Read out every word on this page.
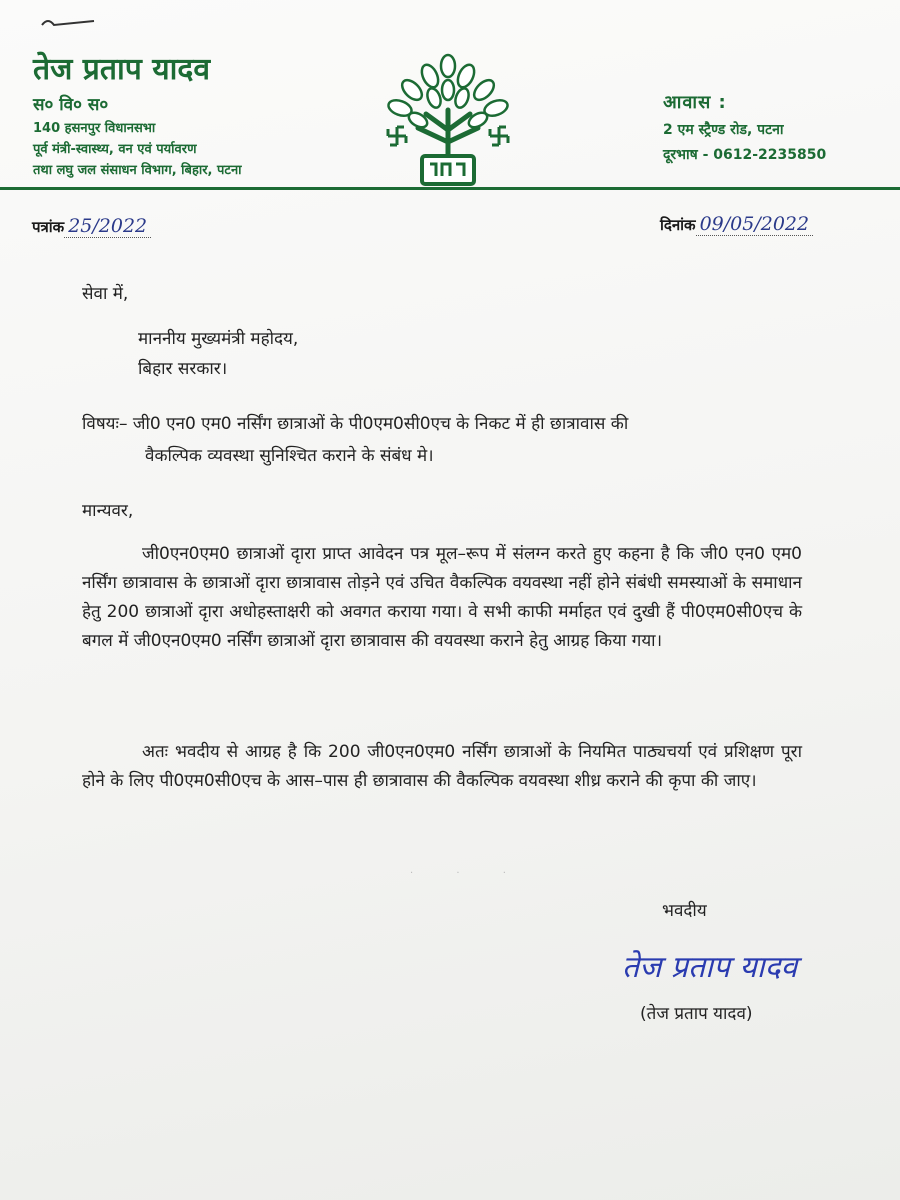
तेज प्रताप यादव
स० वि० स०
140 हसनपुर विधानसभा
पूर्व मंत्री-स्वास्थ्य, वन एवं पर्यावरण
तथा लघु जल संसाधन विभाग, बिहार, पटना
आवास :
2 एम स्ट्रैण्ड रोड, पटना
दूरभाष - 0612-2235850
पत्रांक 25/2022	दिनांक 09/05/2022
सेवा में,
माननीय मुख्यमंत्री महोदय,
बिहार सरकार।
विषयः– जी0 एन0 एम0 नर्सिंग छात्राओं के पी0एम0सी0एच के निकट में ही छात्रावास की
वैकल्पिक व्यवस्था सुनिश्चित कराने के संबंध मे।
मान्यवर,
जी0एन0एम0 छात्राओं दृारा प्राप्त आवेदन पत्र मूल–रूप में संलग्न करते हुए कहना है कि जी0 एन0 एम0 नर्सिंग छात्रावास के छात्राओं दृारा छात्रावास तोड़ने एवं उचित वैकल्पिक वयवस्था नहीं होने संबंधी समस्याओं के समाधान हेतु 200 छात्राओं दृारा अधोहस्ताक्षरी को अवगत कराया गया। वे सभी काफी मर्माहत एवं दुखी हैं पी0एम0सी0एच के बगल में जी0एन0एम0 नर्सिंग छात्राओं दृारा छात्रावास की वयवस्था कराने हेतु आग्रह किया गया।
अतः भवदीय से आग्रह है कि 200 जी0एन0एम0 नर्सिंग छात्राओं के नियमित पाठ्यचर्या एवं प्रशिक्षण पूरा होने के लिए पी0एम0सी0एच के आस–पास ही छात्रावास की वैकल्पिक वयवस्था शीध्र कराने की कृपा की जाए।
· · ·
भवदीय
तेज प्रताप यादव
(तेज प्रताप यादव)
